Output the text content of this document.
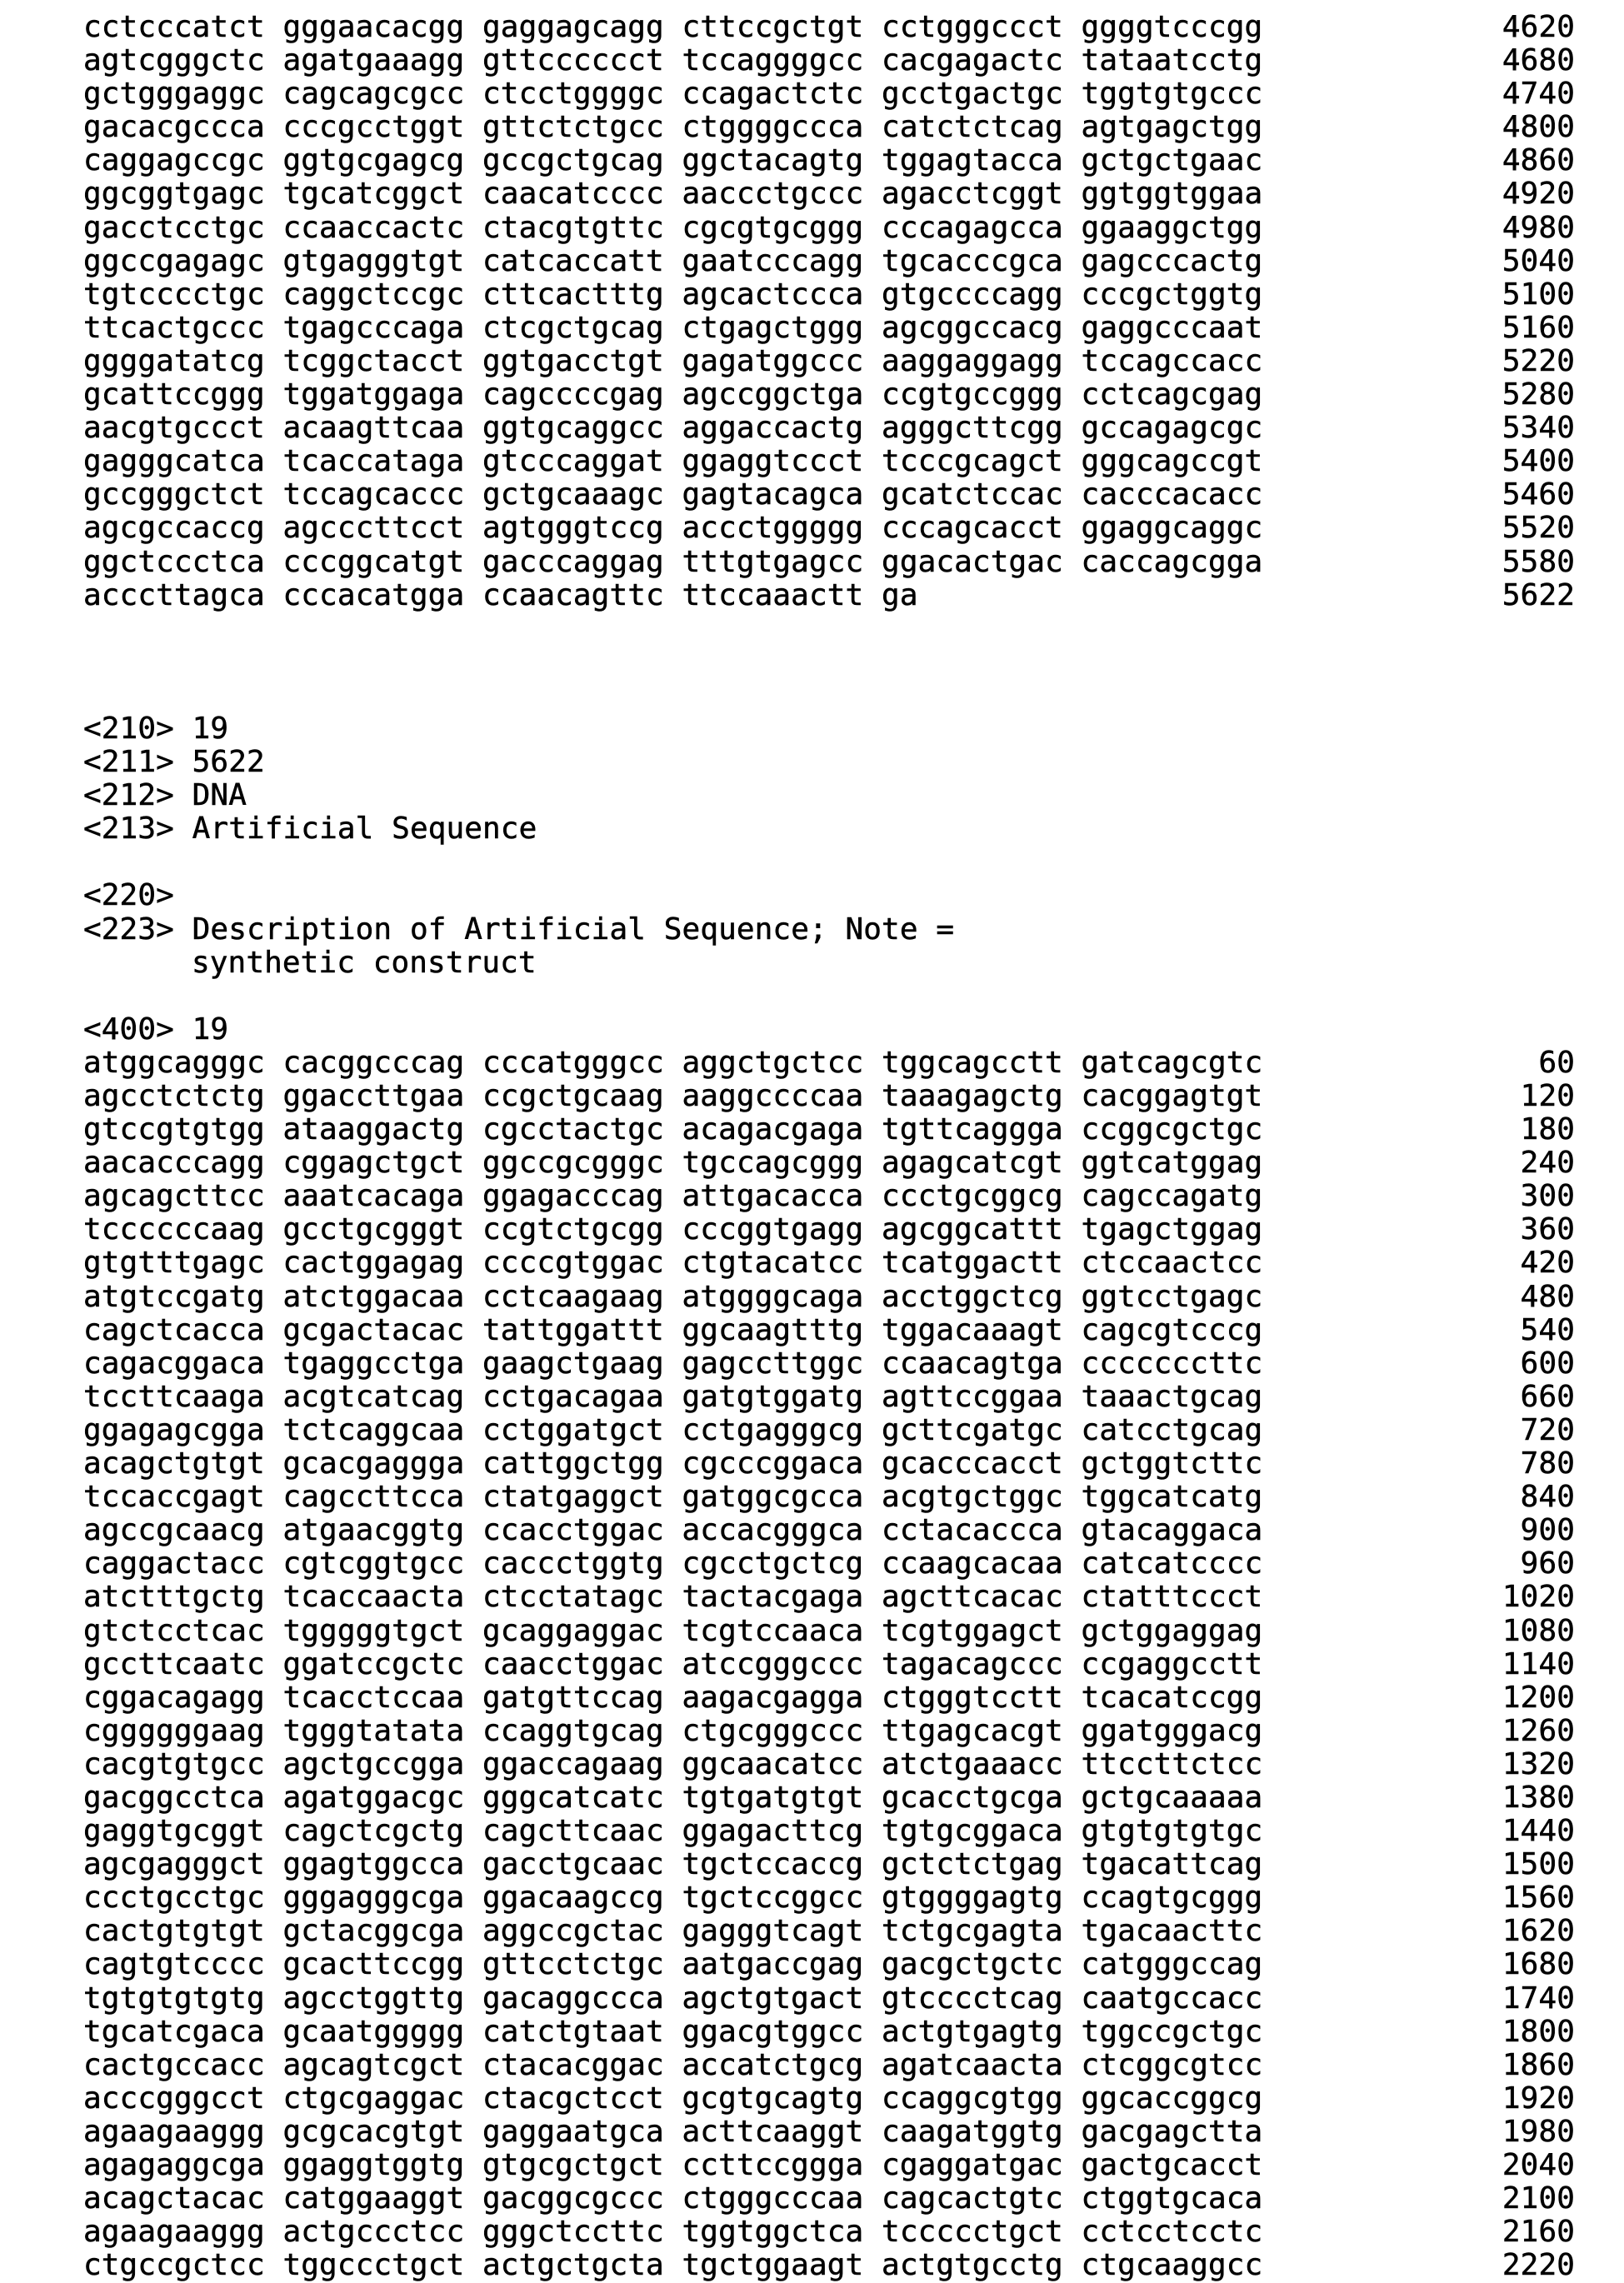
cctcccatct gggaacacgg gaggagcagg cttccgctgt cctgggccct ggggtcccgg	4620
agtcgggctc agatgaaagg gttcccccct tccaggggcc cacgagactc tataatcctg	4680
gctgggaggc cagcagcgcc ctcctggggc ccagactctc gcctgactgc tggtgtgccc	4740
gacacgccca cccgcctggt gttctctgcc ctggggccca catctctcag agtgagctgg	4800
caggagccgc ggtgcgagcg gccgctgcag ggctacagtg tggagtacca gctgctgaac	4860
ggcggtgagc tgcatcggct caacatcccc aaccctgccc agacctcggt ggtggtggaa	4920
gacctcctgc ccaaccactc ctacgtgttc cgcgtgcggg cccagagcca ggaaggctgg	4980
ggccgagagc gtgagggtgt catcaccatt gaatcccagg tgcacccgca gagcccactg	5040
tgtcccctgc caggctccgc cttcactttg agcactccca gtgccccagg cccgctggtg	5100
ttcactgccc tgagcccaga ctcgctgcag ctgagctggg agcggccacg gaggcccaat	5160
ggggatatcg tcggctacct ggtgacctgt gagatggccc aaggaggagg tccagccacc	5220
gcattccggg tggatggaga cagccccgag agccggctga ccgtgccggg cctcagcgag	5280
aacgtgccct acaagttcaa ggtgcaggcc aggaccactg agggcttcgg gccagagcgc	5340
gagggcatca tcaccataga gtcccaggat ggaggtccct tcccgcagct gggcagccgt	5400
gccgggctct tccagcaccc gctgcaaagc gagtacagca gcatctccac cacccacacc	5460
agcgccaccg agcccttcct agtgggtccg accctggggg cccagcacct ggaggcaggc	5520
ggctccctca cccggcatgt gacccaggag tttgtgagcc ggacactgac caccagcgga	5580
acccttagca cccacatgga ccaacagttc ttccaaactt ga	5622
<210> 19
<211> 5622
<212> DNA
<213> Artificial Sequence
<220>
<223> Description of Artificial Sequence; Note =
synthetic construct
<400> 19
atggcagggc cacggcccag cccatgggcc aggctgctcc tggcagcctt gatcagcgtc	60
agcctctctg ggaccttgaa ccgctgcaag aaggccccaa taaagagctg cacggagtgt	120
gtccgtgtgg ataaggactg cgcctactgc acagacgaga tgttcaggga ccggcgctgc	180
aacacccagg cggagctgct ggccgcgggc tgccagcggg agagcatcgt ggtcatggag	240
agcagcttcc aaatcacaga ggagacccag attgacacca ccctgcggcg cagccagatg	300
tccccccaag gcctgcgggt ccgtctgcgg cccggtgagg agcggcattt tgagctggag	360
gtgtttgagc cactggagag ccccgtggac ctgtacatcc tcatggactt ctccaactcc	420
atgtccgatg atctggacaa cctcaagaag atggggcaga acctggctcg ggtcctgagc	480
cagctcacca gcgactacac tattggattt ggcaagtttg tggacaaagt cagcgtcccg	540
cagacggaca tgaggcctga gaagctgaag gagccttggc ccaacagtga cccccccttc	600
tccttcaaga acgtcatcag cctgacagaa gatgtggatg agttccggaa taaactgcag	660
ggagagcgga tctcaggcaa cctggatgct cctgagggcg gcttcgatgc catcctgcag	720
acagctgtgt gcacgaggga cattggctgg cgcccggaca gcacccacct gctggtcttc	780
tccaccgagt cagccttcca ctatgaggct gatggcgcca acgtgctggc tggcatcatg	840
agccgcaacg atgaacggtg ccacctggac accacgggca cctacaccca gtacaggaca	900
caggactacc cgtcggtgcc caccctggtg cgcctgctcg ccaagcacaa catcatcccc	960
atctttgctg tcaccaacta ctcctatagc tactacgaga agcttcacac ctatttccct	1020
gtctcctcac tgggggtgct gcaggaggac tcgtccaaca tcgtggagct gctggaggag	1080
gccttcaatc ggatccgctc caacctggac atccgggccc tagacagccc ccgaggcctt	1140
cggacagagg tcacctccaa gatgttccag aagacgagga ctgggtcctt tcacatccgg	1200
cggggggaag tgggtatata ccaggtgcag ctgcgggccc ttgagcacgt ggatgggacg	1260
cacgtgtgcc agctgccgga ggaccagaag ggcaacatcc atctgaaacc ttccttctcc	1320
gacggcctca agatggacgc gggcatcatc tgtgatgtgt gcacctgcga gctgcaaaaa	1380
gaggtgcggt cagctcgctg cagcttcaac ggagacttcg tgtgcggaca gtgtgtgtgc	1440
agcgagggct ggagtggcca gacctgcaac tgctccaccg gctctctgag tgacattcag	1500
ccctgcctgc gggagggcga ggacaagccg tgctccggcc gtggggagtg ccagtgcggg	1560
cactgtgtgt gctacggcga aggccgctac gagggtcagt tctgcgagta tgacaacttc	1620
cagtgtcccc gcacttccgg gttcctctgc aatgaccgag gacgctgctc catgggccag	1680
tgtgtgtgtg agcctggttg gacaggccca agctgtgact gtcccctcag caatgccacc	1740
tgcatcgaca gcaatggggg catctgtaat ggacgtggcc actgtgagtg tggccgctgc	1800
cactgccacc agcagtcgct ctacacggac accatctgcg agatcaacta ctcggcgtcc	1860
acccgggcct ctgcgaggac ctacgctcct gcgtgcagtg ccaggcgtgg ggcaccggcg	1920
agaagaaggg gcgcacgtgt gaggaatgca acttcaaggt caagatggtg gacgagctta	1980
agagaggcga ggaggtggtg gtgcgctgct ccttccggga cgaggatgac gactgcacct	2040
acagctacac catggaaggt gacggcgccc ctgggcccaa cagcactgtc ctggtgcaca	2100
agaagaaggg actgccctcc gggctccttc tggtggctca tccccctgct cctcctcctc	2160
ctgccgctcc tggccctgct actgctgcta tgctggaagt actgtgcctg ctgcaaggcc	2220
